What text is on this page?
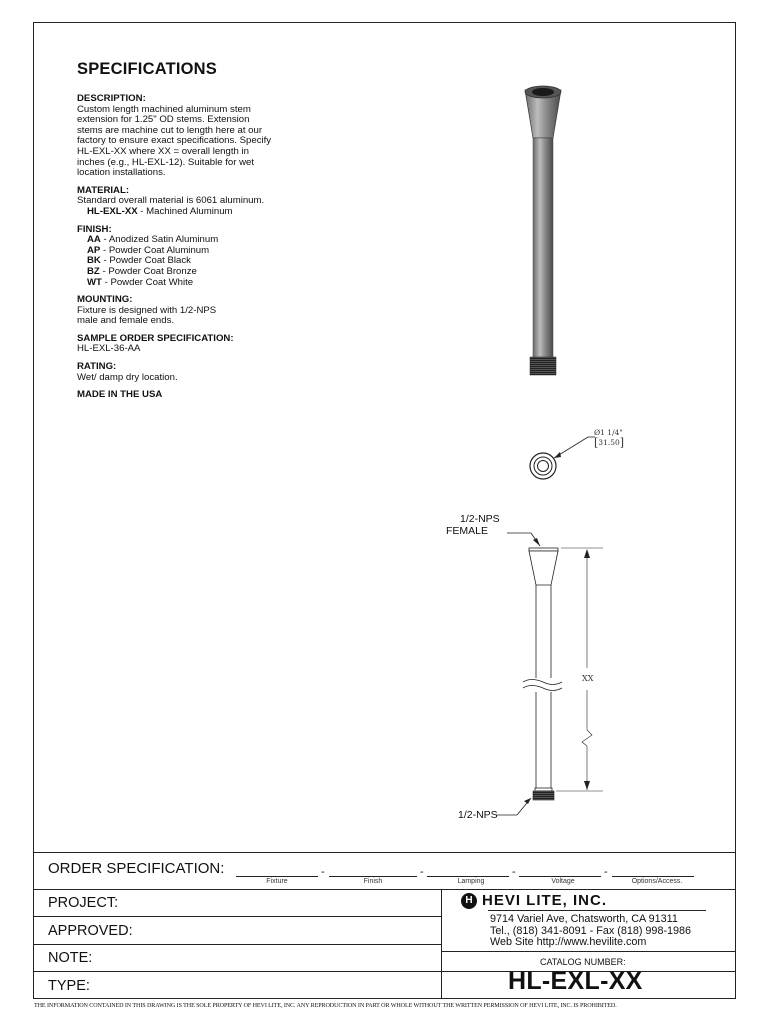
SPECIFICATIONS
DESCRIPTION:

Custom length machined aluminum stem

extension for 1.25" OD stems. Extension

stems are machine cut to length here at our

factory to ensure exact specifications. Specify

HL-EXL-XX where XX = overall length in

inches (e.g., HL-EXL-12). Suitable for wet

location installations.

MATERIAL:

Standard overall material is 6061 aluminum.

HL-EXL-XX - Machined Aluminum

FINISH:

AA - Anodized Satin Aluminum

AP - Powder Coat Aluminum

BK - Powder Coat Black

BZ - Powder Coat Bronze

WT - Powder Coat White

MOUNTING:

Fixture is designed with 1/2-NPS

male and female ends.

SAMPLE ORDER SPECIFICATION:

HL-EXL-36-AA

RATING:

Wet/ damp dry location.

MADE IN THE USA
Ø1 1/4"
[ 31.50 ]
1/2-NPS
FEMALE
XX
1/2-NPS
ORDER SPECIFICATION:	-	-	-	-
Fixture	Finish	Lamping	Voltage	Options/Access.
PROJECT:
APPROVED:
NOTE:
TYPE:
H HEVI LITE, INC.
9714 Variel Ave, Chatsworth, CA 91311
Tel., (818) 341-8091 - Fax (818) 998-1986
Web Site http://www.hevilite.com
CATALOG NUMBER:
HL-EXL-XX
THE INFORMATION CONTAINED IN THIS DRAWING IS THE SOLE PROPERTY OF HEVI LITE, INC. ANY REPRODUCTION IN PART OR WHOLE WITHOUT THE WRITTEN PERMISSION OF HEVI LITE, INC. IS PROHIBITED.
